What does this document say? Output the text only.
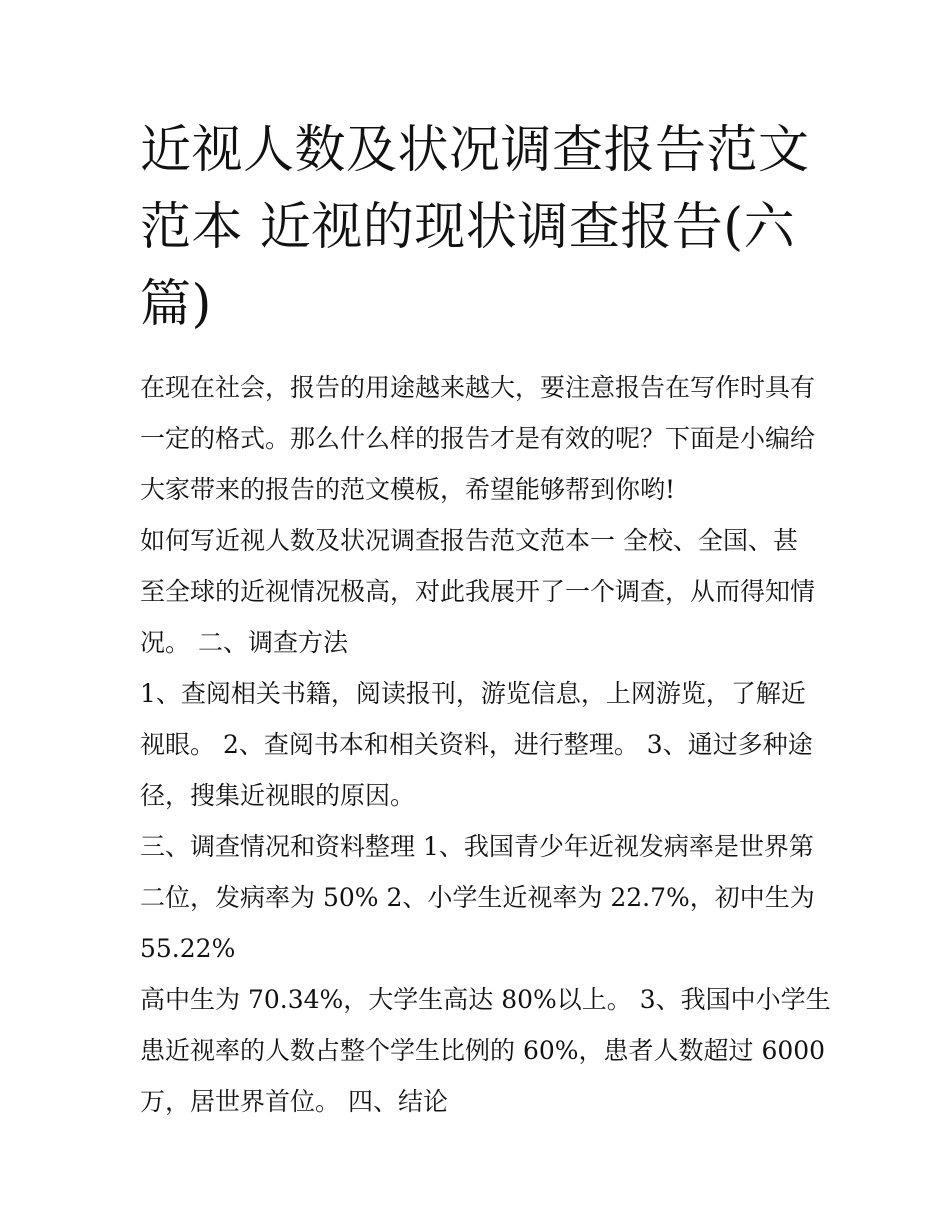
近视人数及状况调查报告范文
范本 近视的现状调查报告(六
篇)

在现在社会，报告的用途越来越大，要注意报告在写作时具有
一定的格式。那么什么样的报告才是有效的呢？下面是小编给
大家带来的报告的范文模板，希望能够帮到你哟!

如何写近视人数及状况调查报告范文范本一 全校、全国、甚
至全球的近视情况极高，对此我展开了一个调查，从而得知情
况。 二、调查方法

1、查阅相关书籍，阅读报刊，游览信息，上网游览，了解近
视眼。 2、查阅书本和相关资料，进行整理。 3、通过多种途
径，搜集近视眼的原因。

三、调查情况和资料整理 1、我国青少年近视发病率是世界第
二位，发病率为 50% 2、小学生近视率为 22.7%，初中生为
55.22%

高中生为 70.34%，大学生高达 80%以上。 3、我国中小学生
患近视率的人数占整个学生比例的 60%，患者人数超过 6000
万，居世界首位。 四、结论
